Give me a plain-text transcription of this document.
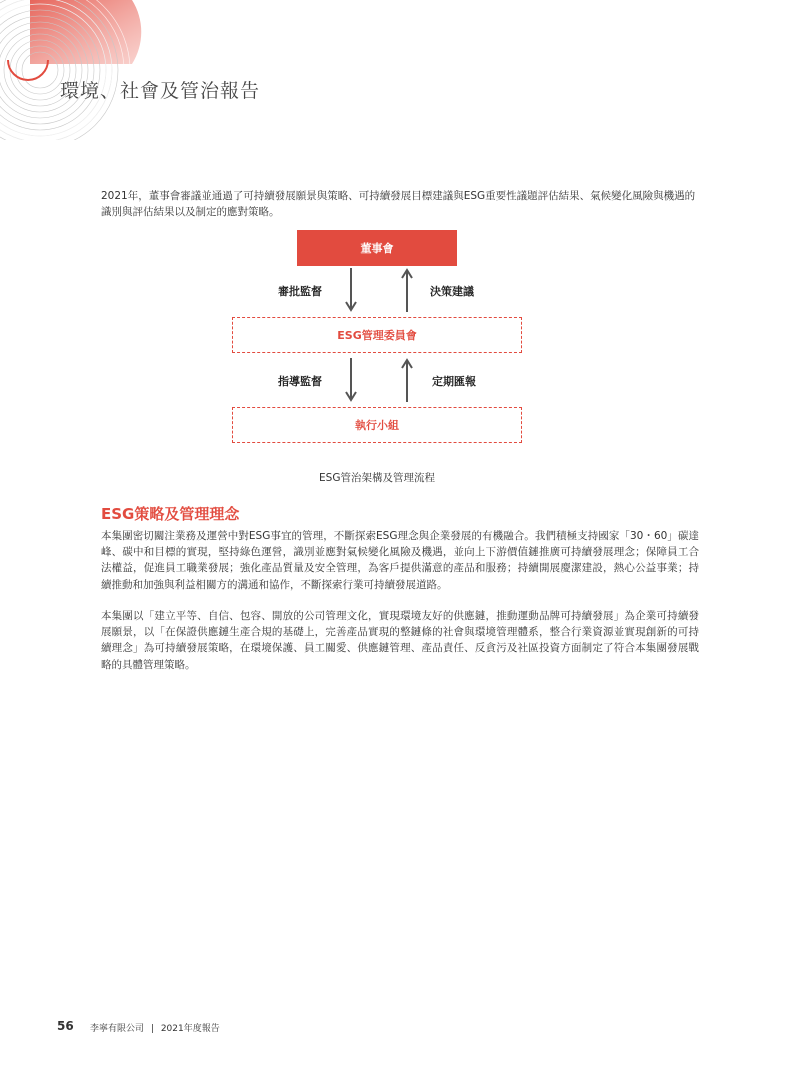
環境、社會及管治報告
2021年，董事會審議並通過了可持續發展願景與策略、可持續發展目標建議與ESG重要性議題評估結果、氣候變化風險與機遇的識別與評估結果以及制定的應對策略。
董事會
審批監督	決策建議
ESG管理委員會
指導監督	定期匯報
執行小組
ESG管治架構及管理流程
ESG策略及管理理念
本集團密切關注業務及運營中對ESG事宜的管理，不斷探索ESG理念與企業發展的有機融合。我們積極支持國家「30・60」碳達峰、碳中和目標的實現，堅持綠色運營，識別並應對氣候變化風險及機遇，並向上下游價值鏈推廣可持續發展理念；保障員工合法權益，促進員工職業發展；強化產品質量及安全管理，為客戶提供滿意的產品和服務；持續開展慶潔建設，熱心公益事業；持續推動和加強與利益相關方的溝通和協作，不斷探索行業可持續發展道路。
本集團以「建立平等、自信、包容、開放的公司管理文化，實現環境友好的供應鏈，推動運動品牌可持續發展」為企業可持續發展願景，以「在保證供應鏈生產合規的基礎上，完善產品實現的整鏈條的社會與環境管理體系，整合行業資源並實現創新的可持續理念」為可持續發展策略，在環境保護、員工關愛、供應鏈管理、產品責任、反貪污及社區投資方面制定了符合本集團發展戰略的具體管理策略。
56 李寧有限公司 | 2021年度報告
